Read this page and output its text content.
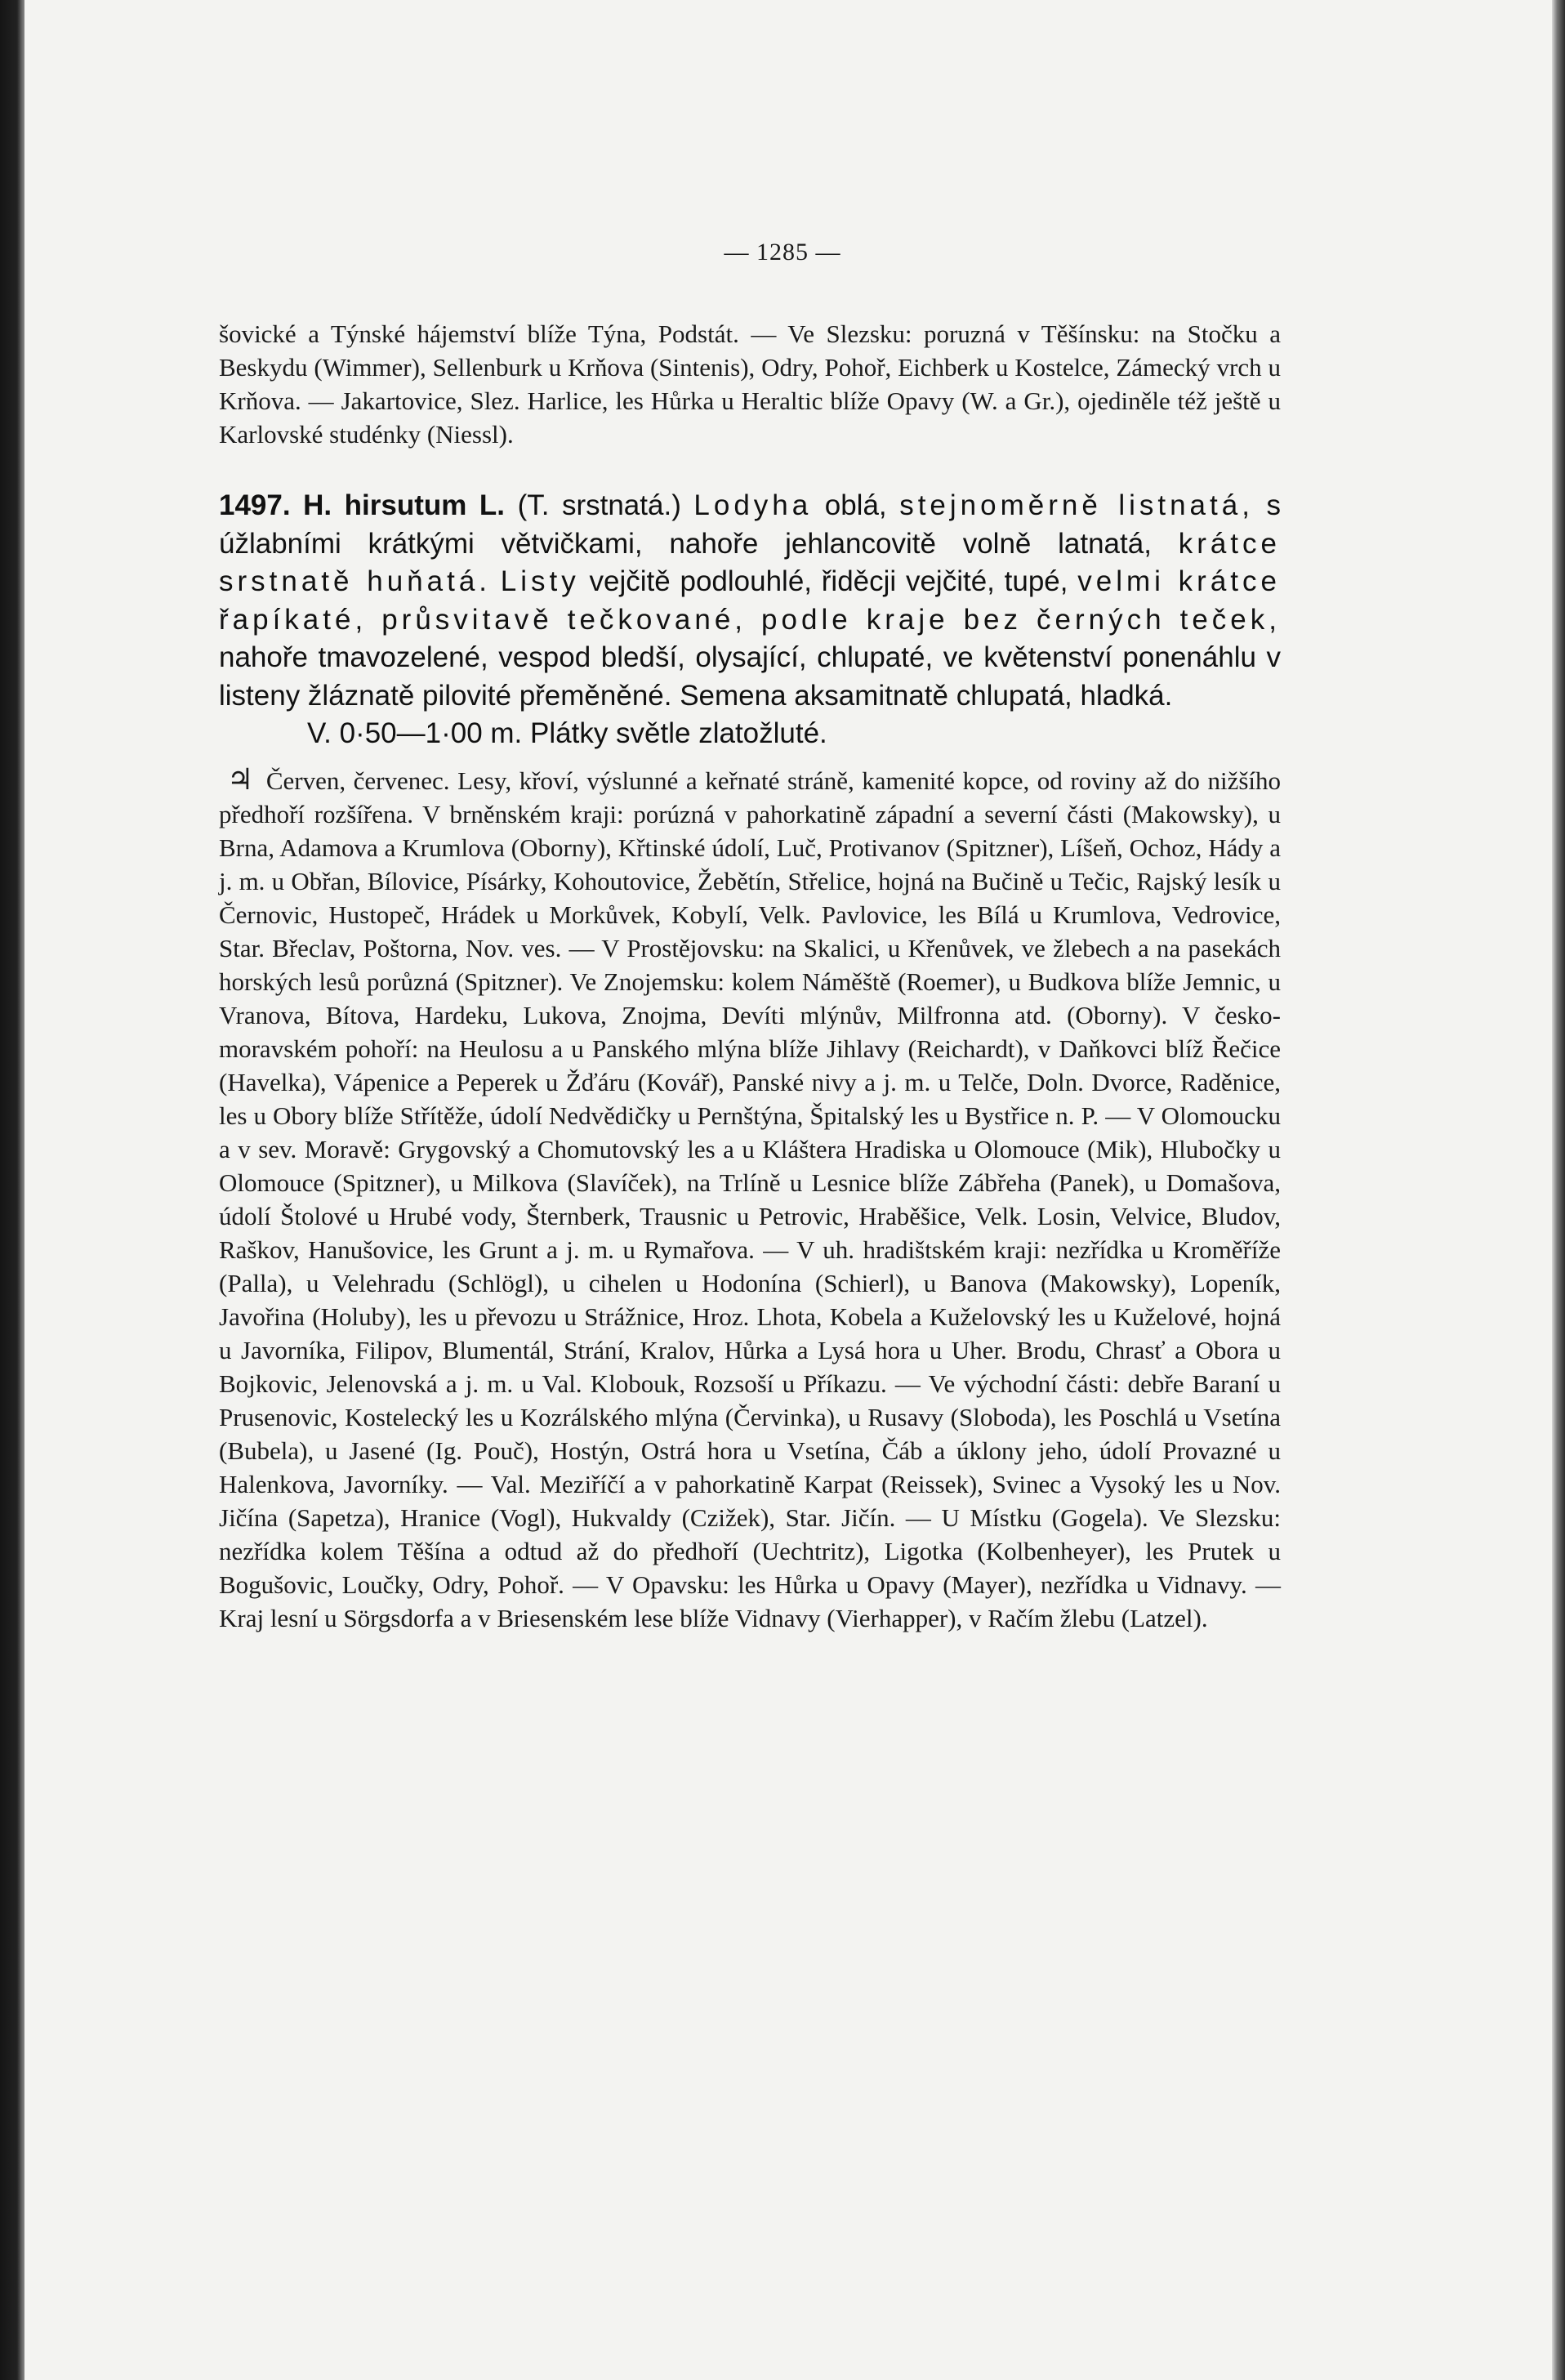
— 1285 —

šovické a Týnské hájemství blíže Týna, Podstát. — Ve Slezsku: poruzná v Těšínsku: na Stočku a Beskydu (Wimmer), Sellenburk u Krňova (Sintenis), Odry, Pohoř, Eichberk u Kostelce, Zámecký vrch u Krňova. — Jakartovice, Slez. Harlice, les Hůrka u Heraltic blíže Opavy (W. a Gr.), ojediněle též ještě u Karlovské studénky (Niessl).

1497. H. hirsutum L. (T. srstnatá.) Lodyha oblá, stejnoměrně listnatá, s úžlabními krátkými větvičkami, nahoře jehlancovitě volně latnatá, krátce srstnatě huňatá. Listy vejčitě podlouhlé, řiděcji vejčité, tupé, velmi krátce řapíkaté, průsvitavě tečkované, podle kraje bez černých teček, nahoře tmavozelené, vespod bledší, olysající, chlupaté, ve květenství ponenáhlu v listeny žláznatě pilovité přeměněné. Semena aksamitnatě chlupatá, hladká.

V. 0·50—1·00 m. Plátky světle zlatožluté.

♃ Červen, červenec. Lesy, křoví, výslunné a keřnaté stráně, kamenité kopce, od roviny až do nižšího předhoří rozšířena. V brněnském kraji: porúzná v pahorkatině západní a severní části (Makowsky), u Brna, Adamova a Krumlova (Oborny), Křtinské údolí, Luč, Protivanov (Spitzner), Líšeň, Ochoz, Hády a j. m. u Obřan, Bílovice, Písárky, Kohoutovice, Žebětín, Střelice, hojná na Bučině u Tečic, Rajský lesík u Černovic, Hustopeč, Hrádek u Morkůvek, Kobylí, Velk. Pavlovice, les Bílá u Krumlova, Vedrovice, Star. Břeclav, Poštorna, Nov. ves. — V Prostějovsku: na Skalici, u Křenůvek, ve žlebech a na pasekách horských lesů porůzná (Spitzner). Ve Znojemsku: kolem Náměště (Roemer), u Budkova blíže Jemnic, u Vranova, Bítova, Hardeku, Lukova, Znojma, Devíti mlýnův, Milfronna atd. (Oborny). V česko-moravském pohoří: na Heulosu a u Panského mlýna blíže Jihlavy (Reichardt), v Daňkovci blíž Řečice (Havelka), Vápenice a Peperek u Žďáru (Kovář), Panské nivy a j. m. u Telče, Doln. Dvorce, Raděnice, les u Obory blíže Střítěže, údolí Nedvědičky u Pernštýna, Špitalský les u Bystřice n. P. — V Olomoucku a v sev. Moravě: Grygovský a Chomutovský les a u Kláštera Hradiska u Olomouce (Mik), Hlubočky u Olomouce (Spitzner), u Milkova (Slavíček), na Trlíně u Lesnice blíže Zábřeha (Panek), u Domašova, údolí Štolové u Hrubé vody, Šternberk, Trausnic u Petrovic, Hraběšice, Velk. Losin, Velvice, Bludov, Raškov, Hanušovice, les Grunt a j. m. u Rymařova. — V uh. hradištském kraji: nezřídka u Kroměříže (Palla), u Velehradu (Schlögl), u cihelen u Hodonína (Schierl), u Banova (Makowsky), Lopeník, Javořina (Holuby), les u převozu u Strážnice, Hroz. Lhota, Kobela a Kuželovský les u Kuželové, hojná u Javorníka, Filipov, Blumentál, Strání, Kralov, Hůrka a Lysá hora u Uher. Brodu, Chrasť a Obora u Bojkovic, Jelenovská a j. m. u Val. Klobouk, Rozsoší u Příkazu. — Ve východní části: debře Baraní u Prusenovic, Kostelecký les u Kozrálského mlýna (Červinka), u Rusavy (Sloboda), les Poschlá u Vsetína (Bubela), u Jasené (Ig. Pouč), Hostýn, Ostrá hora u Vsetína, Čáb a úklony jeho, údolí Provazné u Halenkova, Javorníky. — Val. Meziříčí a v pahorkatině Karpat (Reissek), Svinec a Vysoký les u Nov. Jičína (Sapetza), Hranice (Vogl), Hukvaldy (Czižek), Star. Jičín. — U Místku (Gogela). Ve Slezsku: nezřídka kolem Těšína a odtud až do předhoří (Uechtritz), Ligotka (Kolbenheyer), les Prutek u Bogušovic, Loučky, Odry, Pohoř. — V Opavsku: les Hůrka u Opavy (Mayer), nezřídka u Vidnavy. — Kraj lesní u Sörgsdorfa a v Briesenském lese blíže Vidnavy (Vierhapper), v Račím žlebu (Latzel).
